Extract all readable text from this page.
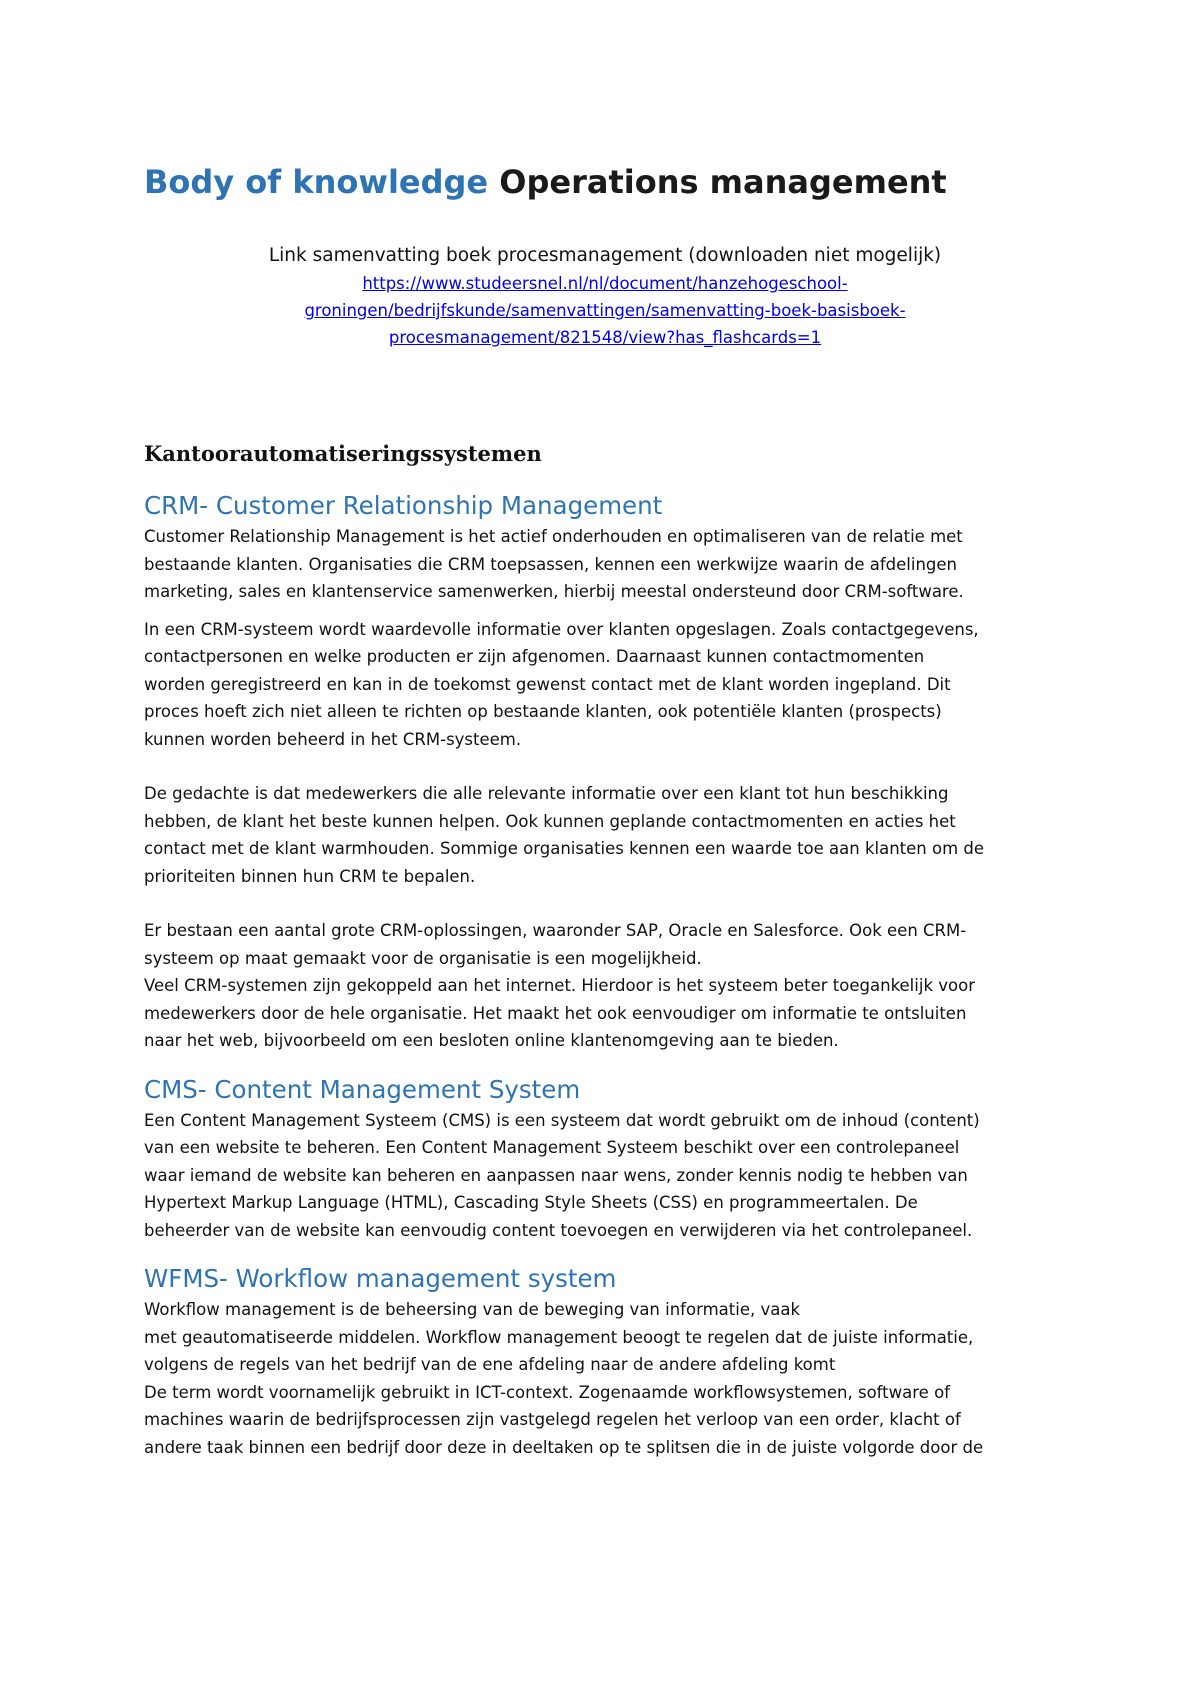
Body of knowledge Operations management
Link samenvatting boek procesmanagement (downloaden niet mogelijk)
https://www.studeersnel.nl/nl/document/hanzehogeschool-
groningen/bedrijfskunde/samenvattingen/samenvatting-boek-basisboek-
procesmanagement/821548/view?has_flashcards=1
Kantoorautomatiseringssystemen
CRM- Customer Relationship Management

Customer Relationship Management is het actief onderhouden en optimaliseren van de relatie met
bestaande klanten. Organisaties die CRM toepsassen, kennen een werkwijze waarin de afdelingen
marketing, sales en klantenservice samenwerken, hierbij meestal ondersteund door CRM-software.

In een CRM-systeem wordt waardevolle informatie over klanten opgeslagen. Zoals contactgegevens,
contactpersonen en welke producten er zijn afgenomen. Daarnaast kunnen contactmomenten
worden geregistreerd en kan in de toekomst gewenst contact met de klant worden ingepland. Dit
proces hoeft zich niet alleen te richten op bestaande klanten, ook potentiële klanten (prospects)
kunnen worden beheerd in het CRM-systeem.

De gedachte is dat medewerkers die alle relevante informatie over een klant tot hun beschikking
hebben, de klant het beste kunnen helpen. Ook kunnen geplande contactmomenten en acties het
contact met de klant warmhouden. Sommige organisaties kennen een waarde toe aan klanten om de
prioriteiten binnen hun CRM te bepalen.

Er bestaan een aantal grote CRM-oplossingen, waaronder SAP, Oracle en Salesforce. Ook een CRM-
systeem op maat gemaakt voor de organisatie is een mogelijkheid.
Veel CRM-systemen zijn gekoppeld aan het internet. Hierdoor is het systeem beter toegankelijk voor
medewerkers door de hele organisatie. Het maakt het ook eenvoudiger om informatie te ontsluiten
naar het web, bijvoorbeeld om een besloten online klantenomgeving aan te bieden.

CMS- Content Management System

Een Content Management Systeem (CMS) is een systeem dat wordt gebruikt om de inhoud (content)
van een website te beheren. Een Content Management Systeem beschikt over een controlepaneel
waar iemand de website kan beheren en aanpassen naar wens, zonder kennis nodig te hebben van
Hypertext Markup Language (HTML), Cascading Style Sheets (CSS) en programmeertalen. De
beheerder van de website kan eenvoudig content toevoegen en verwijderen via het controlepaneel.

WFMS- Workflow management system

Workflow management is de beheersing van de beweging van informatie, vaak
met geautomatiseerde middelen. Workflow management beoogt te regelen dat de juiste informatie,
volgens de regels van het bedrijf van de ene afdeling naar de andere afdeling komt
De term wordt voornamelijk gebruikt in ICT-context. Zogenaamde workflowsystemen, software of
machines waarin de bedrijfsprocessen zijn vastgelegd regelen het verloop van een order, klacht of
andere taak binnen een bedrijf door deze in deeltaken op te splitsen die in de juiste volgorde door de
